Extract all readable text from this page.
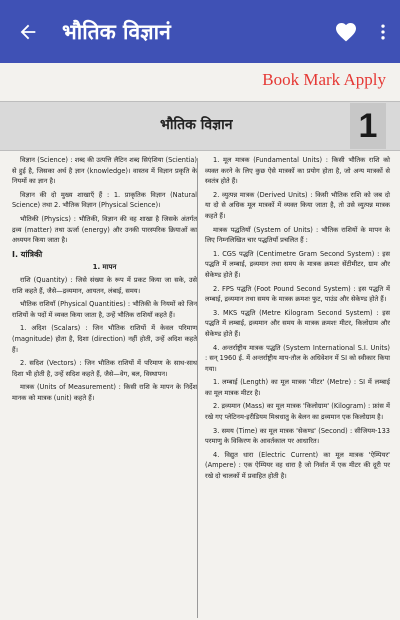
भौतिक विज्ञानं
Book Mark Apply
भौतिक विज्ञान	1

विज्ञान (Science) : शब्द की उत्पत्ति लैटिन शब्द सिएंशिया (Scientia) से हुई है, जिसका अर्थ है ज्ञान (knowledge)। वास्तव में विज्ञान प्रकृति के नियमों का ज्ञान है।

विज्ञान की दो मुख्य शाखाएँ हैं : 1. प्राकृतिक विज्ञान (Natural Science) तथा 2. भौतिक विज्ञान (Physical Science)।

भौतिकी (Physics) : भौतिकी, विज्ञान की वह शाखा है जिसके अंतर्गत द्रव्य (matter) तथा ऊर्जा (energy) और उनकी पारस्परिक क्रियाओं का अध्ययन किया जाता है।

I. यांत्रिकी
1. मापन

राशि (Quantity) : जिसे संख्या के रूप में प्रकट किया जा सके, उसे राशि कहते हैं, जैसे—द्रव्यमान, आयतन, लंबाई, समय।

भौतिक राशियाँ (Physical Quantities) : भौतिकी के नियमों को जिन राशियों के पदों में व्यक्त किया जाता है, उन्हें भौतिक राशियाँ कहते हैं।

1. अदिश (Scalars) : जिन भौतिक राशियों में केवल परिमाण (magnitude) होता है, दिशा (direction) नहीं होती, उन्हें अदिश कहते हैं।

2. सदिश (Vectors) : जिन भौतिक राशियों में परिमाण के साथ-साथ दिशा भी होती है, उन्हें सदिश कहते हैं, जैसे—वेग, बल, विस्थापन।

मात्रक (Units of Measurement) : किसी राशि के मापन के निर्देश मानक को मात्रक (unit) कहते हैं।

1. मूल मात्रक (Fundamental Units) : किसी भौतिक राशि को व्यक्त करने के लिए कुछ ऐसे मात्रकों का प्रयोग होता है, जो अन्य मात्रकों से स्वतंत्र होते हैं।

2. व्युत्पन्न मात्रक (Derived Units) : किसी भौतिक राशि को जब दो या दो से अधिक मूल मात्रकों में व्यक्त किया जाता है, तो उसे व्युत्पन्न मात्रक कहते हैं।

मात्रक पद्धतियाँ (System of Units) : भौतिक राशियों के मापन के लिए निम्नलिखित चार पद्धतियाँ प्रचलित हैं :

1. CGS पद्धति (Centimetre Gram Second System) : इस पद्धति में लम्बाई, द्रव्यमान तथा समय के मात्रक क्रमशः सेंटीमीटर, ग्राम और सेकेण्ड होते हैं।

2. FPS पद्धति (Foot Pound Second System) : इस पद्धति में लम्बाई, द्रव्यमान तथा समय के मात्रक क्रमशः फुट, पाउंड और सेकेण्ड होते हैं।

3. MKS पद्धति (Metre Kilogram Second System) : इस पद्धति में लम्बाई, द्रव्यमान और समय के मात्रक क्रमशः मीटर, किलोग्राम और सेकेण्ड होते हैं।

4. अन्तर्राष्ट्रीय मात्रक पद्धति (System International S.I. Units) : सन् 1960 ई. में अन्तर्राष्ट्रीय माप-तौल के अधिवेशन में SI को स्वीकार किया गया।

1. लम्बाई (Length) का मूल मात्रक 'मीटर' (Metre) : SI में लम्बाई का मूल मात्रक मीटर है।

2. द्रव्यमान (Mass) का मूल मात्रक 'किलोग्राम' (Kilogram) : फ्रांस में रखे गए प्लेटिनम-इरीडियम मिश्रधातु के बेलन का द्रव्यमान एक किलोग्राम है।

3. समय (Time) का मूल मात्रक 'सेकण्ड' (Second) : सीजियम-133 परमाणु के विकिरण के आवर्तकाल पर आधारित।

4. विद्युत धारा (Electric Current) का मूल मात्रक 'ऐम्पियर' (Ampere) : एक ऐम्पियर वह धारा है जो निर्वात में एक मीटर की दूरी पर रखे दो चालकों में प्रवाहित होती है।
